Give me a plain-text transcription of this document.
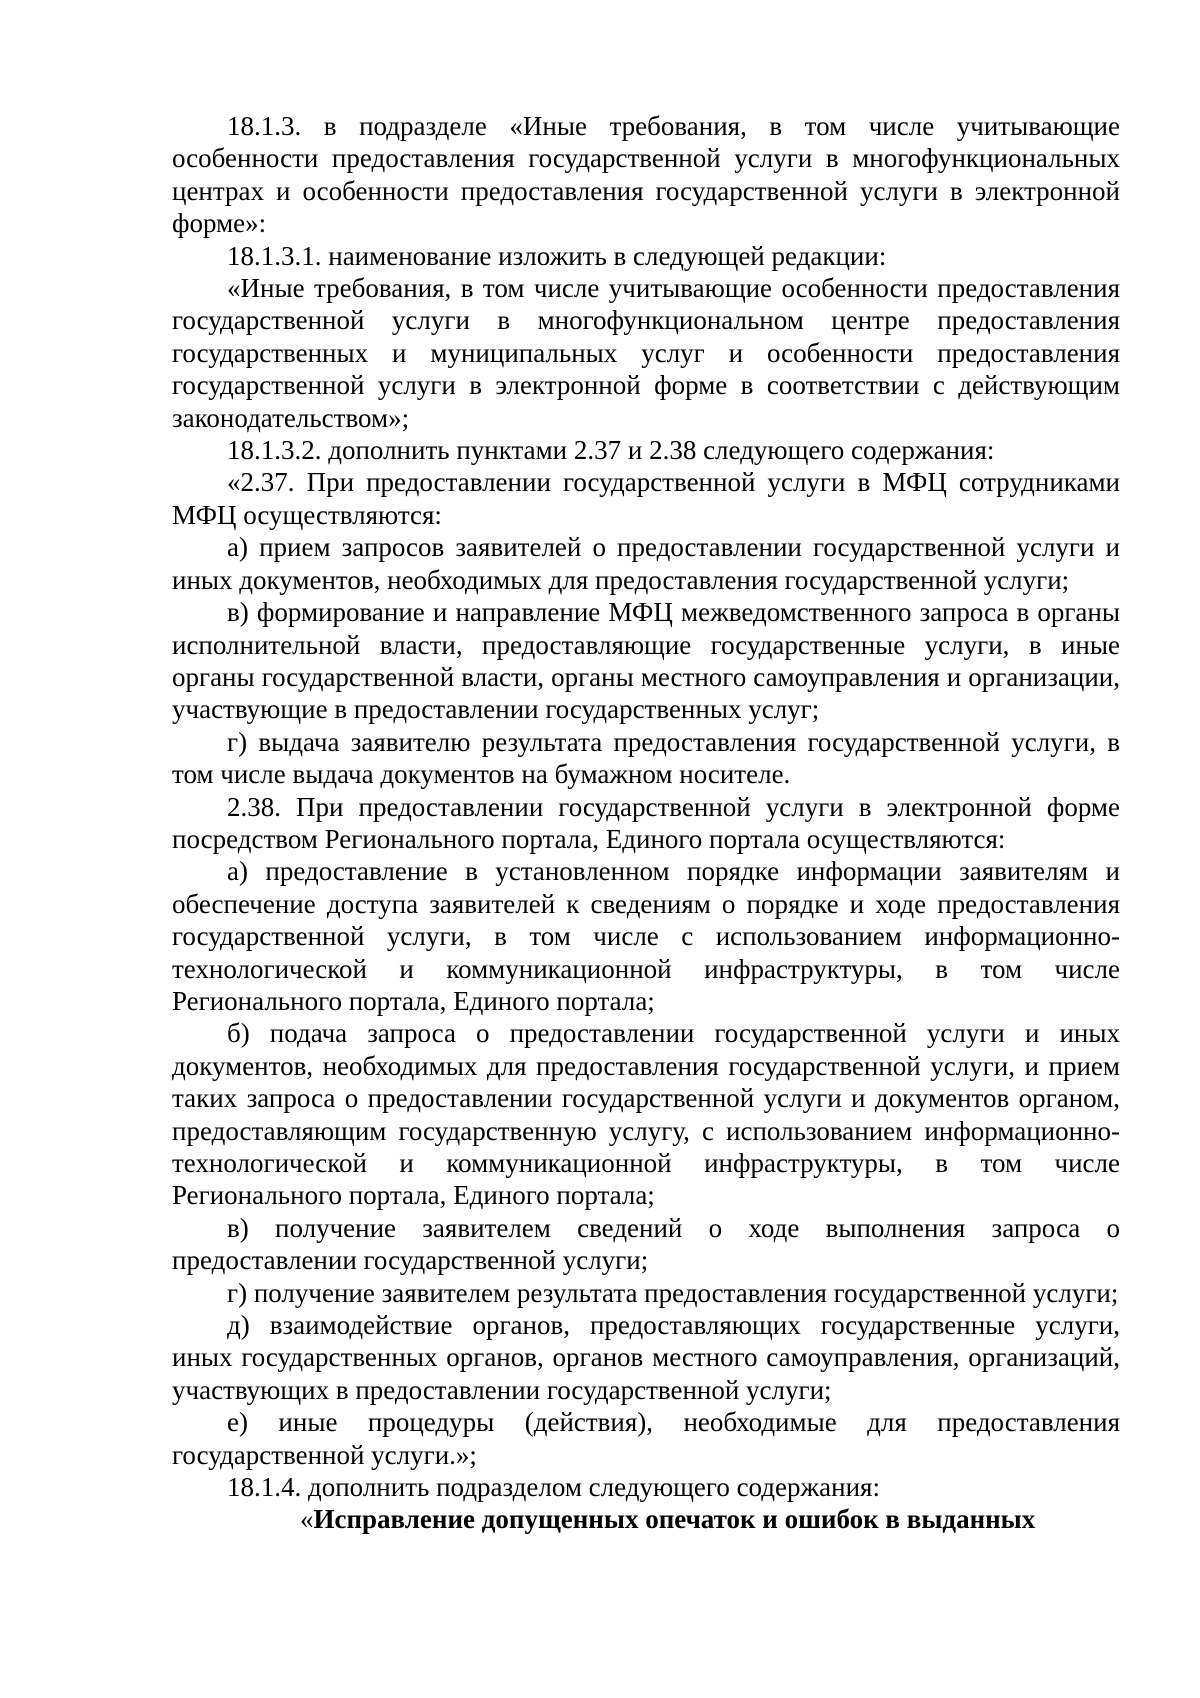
18.1.3. в подразделе «Иные требования, в том числе учитывающие особенности предоставления государственной услуги в многофункциональных центрах и особенности предоставления государственной услуги в электронной форме»:

18.1.3.1. наименование изложить в следующей редакции:

«Иные требования, в том числе учитывающие особенности предоставления государственной услуги в многофункциональном центре предоставления государственных и муниципальных услуг и особенности предоставления государственной услуги в электронной форме в соответствии с действующим законодательством»;

18.1.3.2. дополнить пунктами 2.37 и 2.38 следующего содержания:

«2.37. При предоставлении государственной услуги в МФЦ сотрудниками МФЦ осуществляются:

а) прием запросов заявителей о предоставлении государственной услуги и иных документов, необходимых для предоставления государственной услуги;

в) формирование и направление МФЦ межведомственного запроса в органы исполнительной власти, предоставляющие государственные услуги, в иные органы государственной власти, органы местного самоуправления и организации, участвующие в предоставлении государственных услуг;

г) выдача заявителю результата предоставления государственной услуги, в том числе выдача документов на бумажном носителе.

2.38. При предоставлении государственной услуги в электронной форме посредством Регионального портала, Единого портала осуществляются:

а) предоставление в установленном порядке информации заявителям и обеспечение доступа заявителей к сведениям о порядке и ходе предоставления государственной услуги, в том числе с использованием информационно-технологической и коммуникационной инфраструктуры, в том числе Регионального портала, Единого портала;

б) подача запроса о предоставлении государственной услуги и иных документов, необходимых для предоставления государственной услуги, и прием таких запроса о предоставлении государственной услуги и документов органом, предоставляющим государственную услугу, с использованием информационно-технологической и коммуникационной инфраструктуры, в том числе Регионального портала, Единого портала;

в) получение заявителем сведений о ходе выполнения запроса о предоставлении государственной услуги;

г) получение заявителем результата предоставления государственной услуги;

д) взаимодействие органов, предоставляющих государственные услуги, иных государственных органов, органов местного самоуправления, организаций, участвующих в предоставлении государственной услуги;

е) иные процедуры (действия), необходимые для предоставления государственной услуги.»;

18.1.4. дополнить подразделом следующего содержания:

«Исправление допущенных опечаток и ошибок в выданных
